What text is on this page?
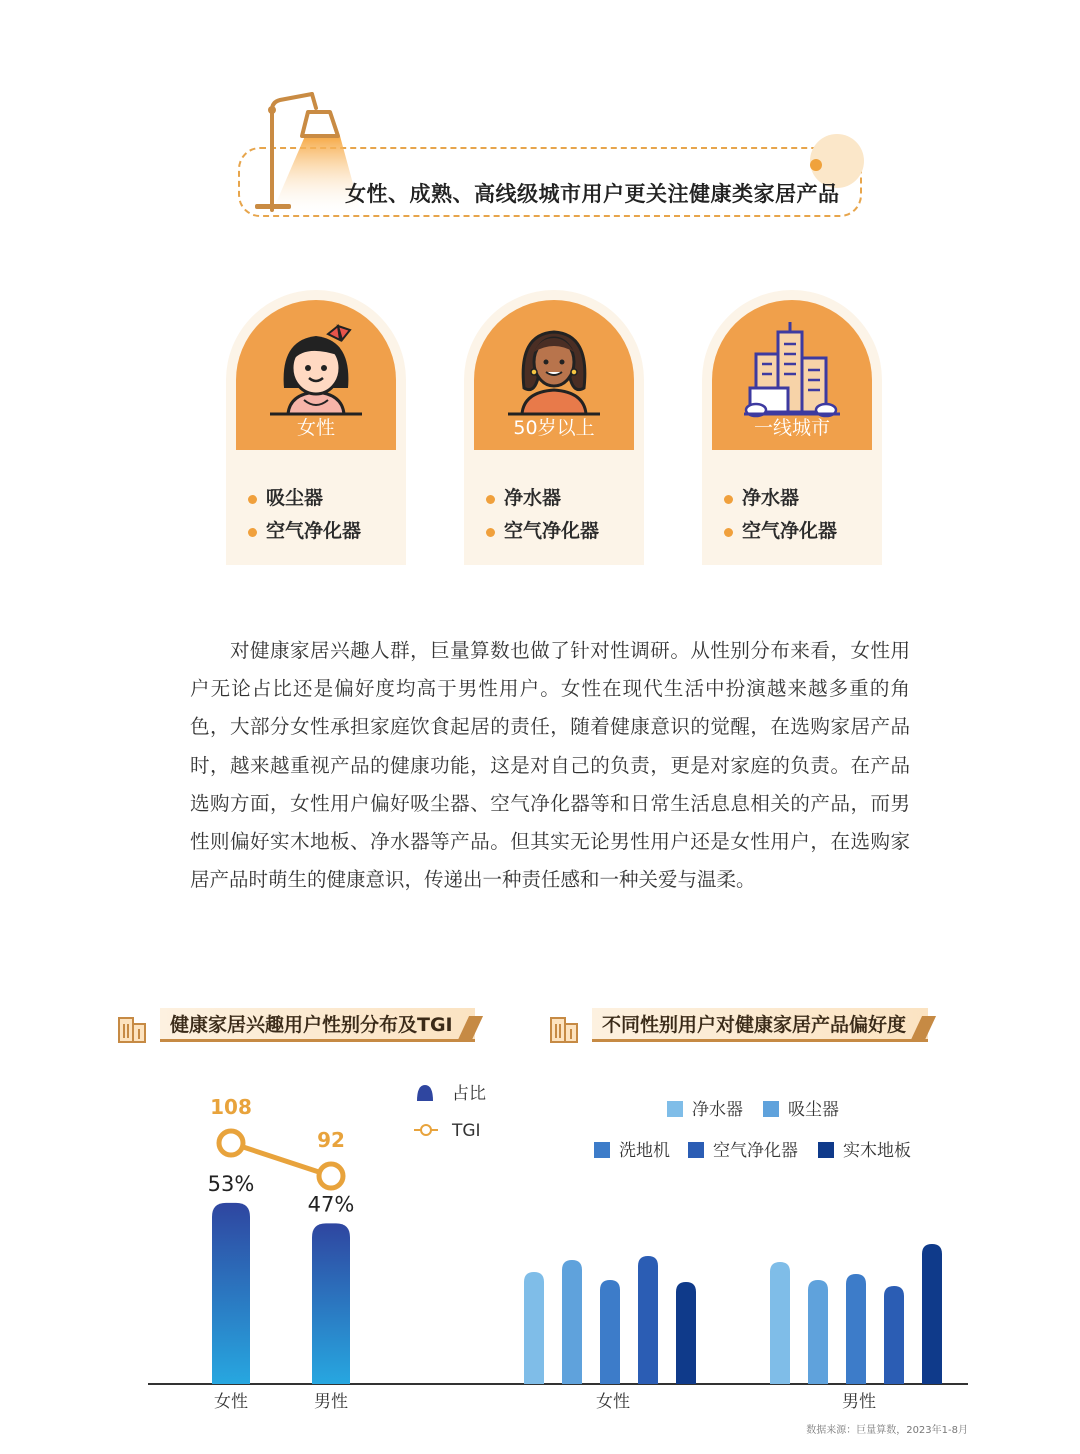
女性、成熟、高线级城市用户更关注健康类家居产品
女性
吸尘器
空气净化器
50岁以上
净水器
空气净化器
一线城市
净水器
空气净化器

对健康家居兴趣人群，巨量算数也做了针对性调研。从性别分布来看，女性用户无论占比还是偏好度均高于男性用户。女性在现代生活中扮演越来越多重的角色，大部分女性承担家庭饮食起居的责任，随着健康意识的觉醒，在选购家居产品时，越来越重视产品的健康功能，这是对自己的负责，更是对家庭的负责。在产品选购方面，女性用户偏好吸尘器、空气净化器等和日常生活息息相关的产品，而男性则偏好实木地板、净水器等产品。但其实无论男性用户还是女性用户，在选购家居产品时萌生的健康意识，传递出一种责任感和一种关爱与温柔。

健康家居兴趣用户性别分布及TGI	不同性别用户对健康家居产品偏好度
53%
女性
47%
男性
108
92
占比
TGI
女性	男性
净水器	吸尘器
洗地机	空气净化器	实木地板
数据来源：巨量算数，2023年1-8月
